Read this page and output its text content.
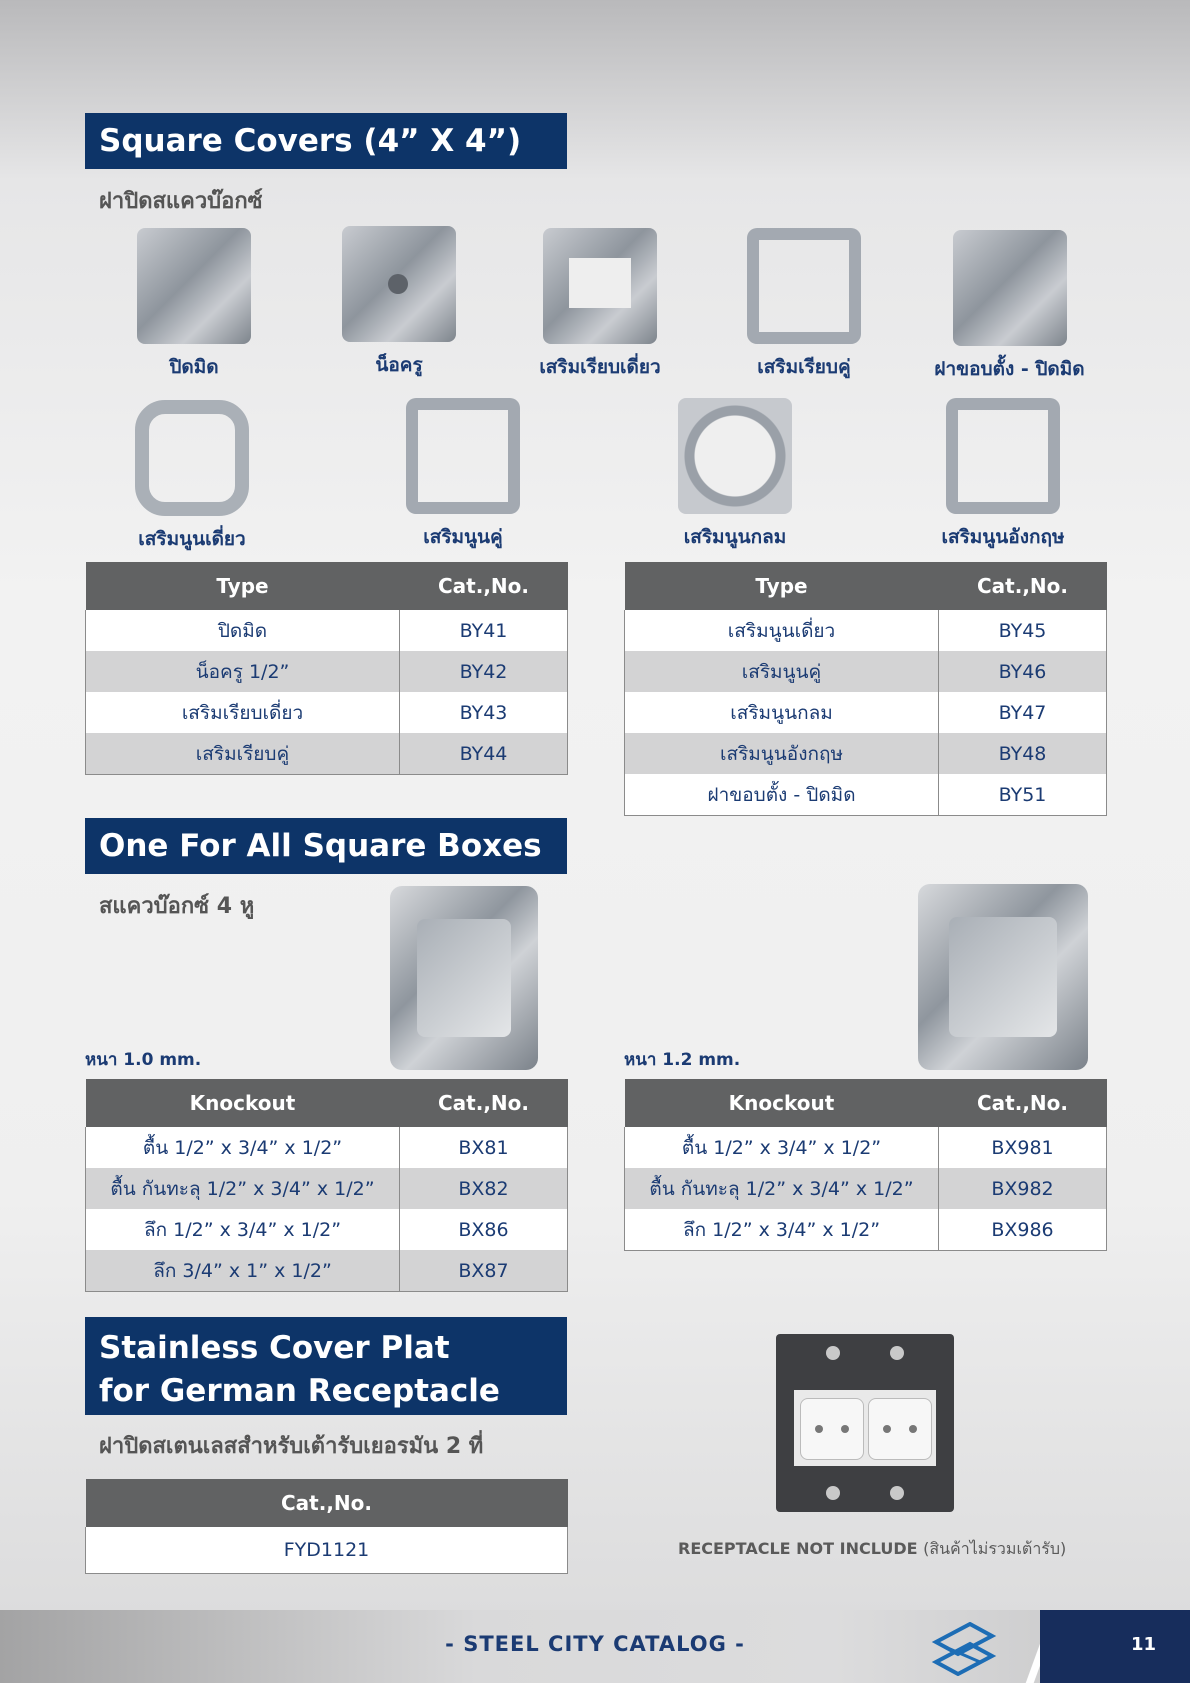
Square Covers (4” X 4”)
ฝาปิดสแควบ๊อกซ์
ปิดมิด	น็อครู	เสริมเรียบเดี่ยว	เสริมเรียบคู่	ฝาขอบตั้ง - ปิดมิด
เสริมนูนเดี่ยว	เสริมนูนคู่	เสริมนูนกลม	เสริมนูนอังกฤษ
Type	Cat.,No.
ปิดมิด	BY41
น็อครู 1/2”	BY42
เสริมเรียบเดี่ยว	BY43
เสริมเรียบคู่	BY44
Type	Cat.,No.
เสริมนูนเดี่ยว	BY45
เสริมนูนคู่	BY46
เสริมนูนกลม	BY47
เสริมนูนอังกฤษ	BY48
ฝาขอบตั้ง - ปิดมิด	BY51
One For All Square Boxes
สแควบ๊อกซ์ 4 หู
หนา 1.0 mm.	หนา 1.2 mm.
Knockout	Cat.,No.
ตื้น 1/2” x 3/4” x 1/2”	BX81
ตื้น กันทะลุ 1/2” x 3/4” x 1/2”	BX82
ลึก 1/2” x 3/4” x 1/2”	BX86
ลึก 3/4” x 1” x 1/2”	BX87
Knockout	Cat.,No.
ตื้น 1/2” x 3/4” x 1/2”	BX981
ตื้น กันทะลุ 1/2” x 3/4” x 1/2”	BX982
ลึก 1/2” x 3/4” x 1/2”	BX986
Stainless Cover Plat
for German Receptacle
ฝาปิดสเตนเลสสำหรับเต้ารับเยอรมัน 2 ที่
Cat.,No.
FYD1121	RECEPTACLE NOT INCLUDE (สินค้าไม่รวมเต้ารับ)
- STEEL CITY CATALOG -	11
